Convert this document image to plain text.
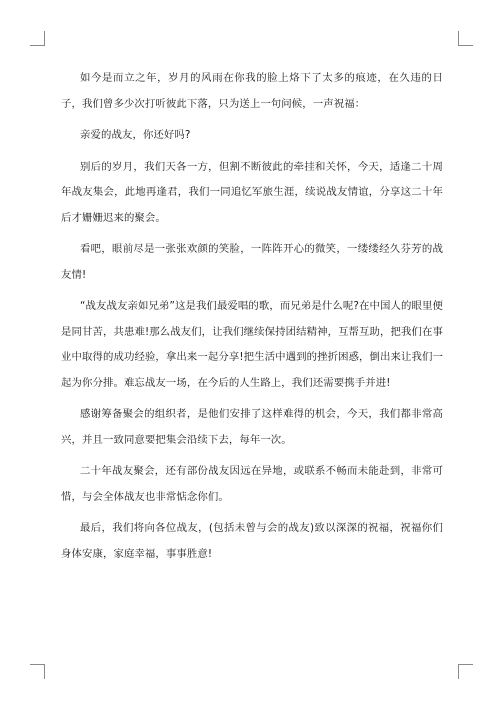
如今是而立之年，岁月的风雨在你我的脸上烙下了太多的痕迹，在久违的日子，我们曾多少次打听彼此下落，只为送上一句问候，一声祝福：

亲爱的战友，你还好吗?

别后的岁月，我们天各一方，但割不断彼此的牵挂和关怀，今天，适逢二十周年战友集会，此地再逢君，我们一同追忆军旅生涯，续说战友情谊，分享这二十年后才姗姗迟来的聚会。

看吧，眼前尽是一张张欢颜的笑脸，一阵阵开心的微笑，一缕缕经久芬芳的战友情!

“战友战友亲如兄弟”这是我们最爱唱的歌，而兄弟是什么呢?在中国人的眼里便是同甘苦，共患难!那么战友们，让我们继续保持团结精神，互帮互助，把我们在事业中取得的成功经验，拿出来一起分享!把生活中遇到的挫折困惑，倒出来让我们一起为你分排。难忘战友一场，在今后的人生路上，我们还需要携手并进!

感谢筹备聚会的组织者，是他们安排了这样难得的机会，今天，我们都非常高兴，并且一致同意要把集会沿续下去，每年一次。

二十年战友聚会，还有部份战友因远在异地，或联系不畅而未能赴到，非常可惜，与会全体战友也非常惦念你们。

最后，我们将向各位战友，(包括未曾与会的战友)致以深深的祝福，祝福你们身体安康，家庭幸福，事事胜意!
